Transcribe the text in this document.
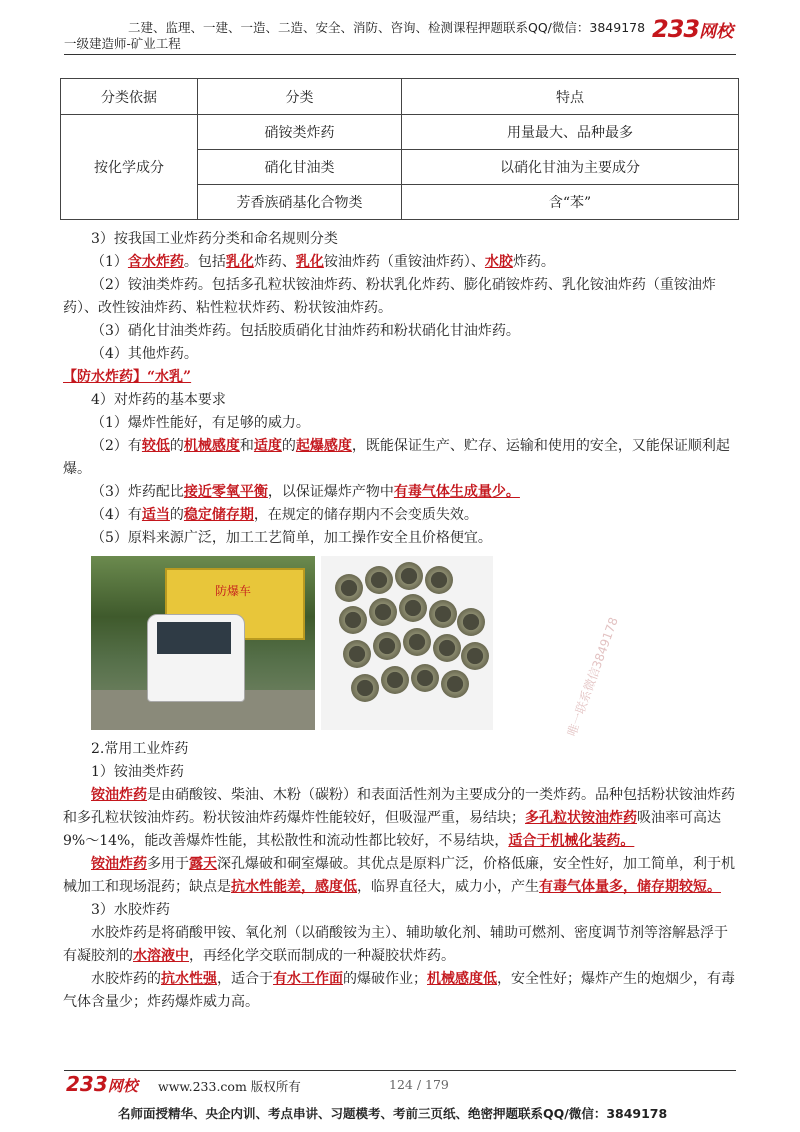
二建、监理、一建、一造、二造、安全、消防、咨询、检测课程押题联系QQ/微信：3849178
一级建造师-矿业工程
233网校
分类依据	分类	特点
按化学成分	硝铵类炸药	用量最大、品种最多
	硝化甘油类	以硝化甘油为主要成分
	芳香族硝基化合物类	含“苯”

3）按我国工业炸药分类和命名规则分类

（1）含水炸药。包括乳化炸药、乳化铵油炸药（重铵油炸药）、水胶炸药。

（2）铵油类炸药。包括多孔粒状铵油炸药、粉状乳化炸药、膨化硝铵炸药、乳化铵油炸药（重铵油炸药）、改性铵油炸药、粘性粒状炸药、粉状铵油炸药。

（3）硝化甘油类炸药。包括胶质硝化甘油炸药和粉状硝化甘油炸药。

（4）其他炸药。

【防水炸药】“水乳”

4）对炸药的基本要求

（1）爆炸性能好，有足够的威力。

（2）有较低的机械感度和适度的起爆感度，既能保证生产、贮存、运输和使用的安全，又能保证顺利起爆。

（3）炸药配比接近零氧平衡，以保证爆炸产物中有毒气体生成量少。

（4）有适当的稳定储存期，在规定的储存期内不会变质失效。

（5）原料来源广泛，加工工艺简单，加工操作安全且价格便宜。

防爆车
唯一联系微信3849178

2.常用工业炸药

1）铵油类炸药

铵油炸药是由硝酸铵、柴油、木粉（碳粉）和表面活性剂为主要成分的一类炸药。品种包括粉状铵油炸药和多孔粒状铵油炸药。粉状铵油炸药爆炸性能较好，但吸湿严重，易结块；多孔粒状铵油炸药吸油率可高达9%～14%，能改善爆炸性能，其松散性和流动性都比较好，不易结块，适合于机械化装药。

铵油炸药多用于露天深孔爆破和硐室爆破。其优点是原料广泛，价格低廉，安全性好，加工简单，利于机械加工和现场混药；缺点是抗水性能差，感度低，临界直径大，威力小，产生有毒气体量多，储存期较短。

3）水胶炸药

水胶炸药是将硝酸甲铵、氧化剂（以硝酸铵为主）、辅助敏化剂、辅助可燃剂、密度调节剂等溶解悬浮于有凝胶剂的水溶液中，再经化学交联而制成的一种凝胶状炸药。

水胶炸药的抗水性强，适合于有水工作面的爆破作业；机械感度低，安全性好；爆炸产生的炮烟少，有毒气体含量少；炸药爆炸威力高。

233网校 www.233.com 版权所有	124 / 179
名师面授精华、央企内训、考点串讲、习题模考、考前三页纸、绝密押题联系QQ/微信：3849178
